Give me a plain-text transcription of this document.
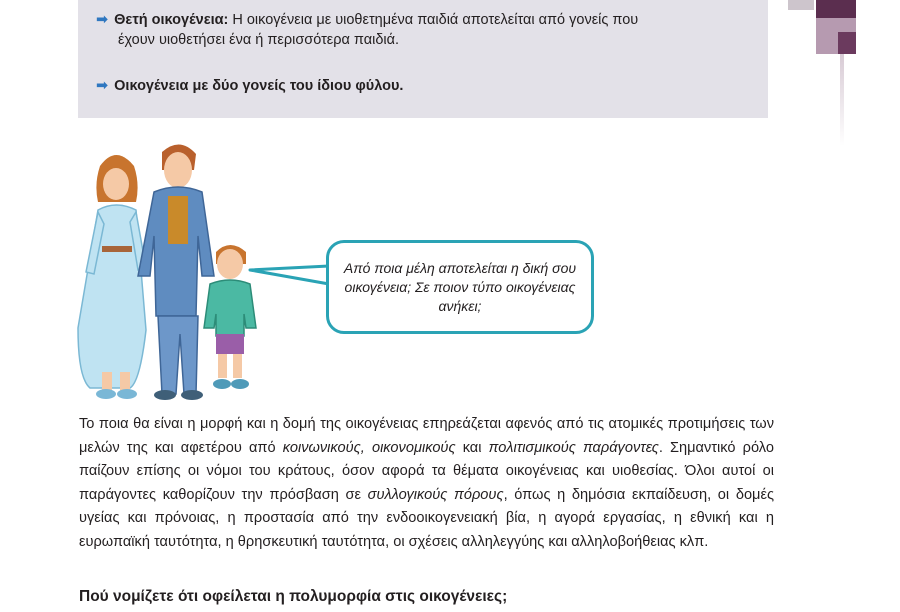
➡ Θετή οικογένεια: Η οικογένεια με υιοθετημένα παιδιά αποτελείται από γονείς που
έχουν υιοθετήσει ένα ή περισσότερα παιδιά.
➡ Οικογένεια με δύο γονείς του ίδιου φύλου.
Από ποια μέλη αποτελείται η δική σου οικογένεια; Σε ποιον τύπο οικογένειας ανήκει;
Το ποια θα είναι η μορφή και η δομή της οικογένειας επηρεάζεται αφενός από τις ατομικές προτιμήσεις των μελών της και αφετέρου από κοινωνικούς, οικονομικούς και πολιτισμικούς παράγοντες. Σημαντικό ρόλο παίζουν επίσης οι νόμοι του κράτους, όσον αφορά τα θέματα οικογένειας και υιοθεσίας. Όλοι αυτοί οι παράγοντες καθορίζουν την πρόσβαση σε συλλογικούς πόρους, όπως η δημόσια εκπαίδευση, οι δομές υγείας και πρόνοιας, η προστασία από την ενδοοικογενειακή βία, η αγορά εργασίας, η εθνική και η ευρωπαϊκή ταυτότητα, η θρησκευτική ταυτότητα, οι σχέσεις αλληλεγγύης και αλληλοβοήθειας κλπ.
Πού νομίζετε ότι οφείλεται η πολυμορφία στις οικογένειες;
